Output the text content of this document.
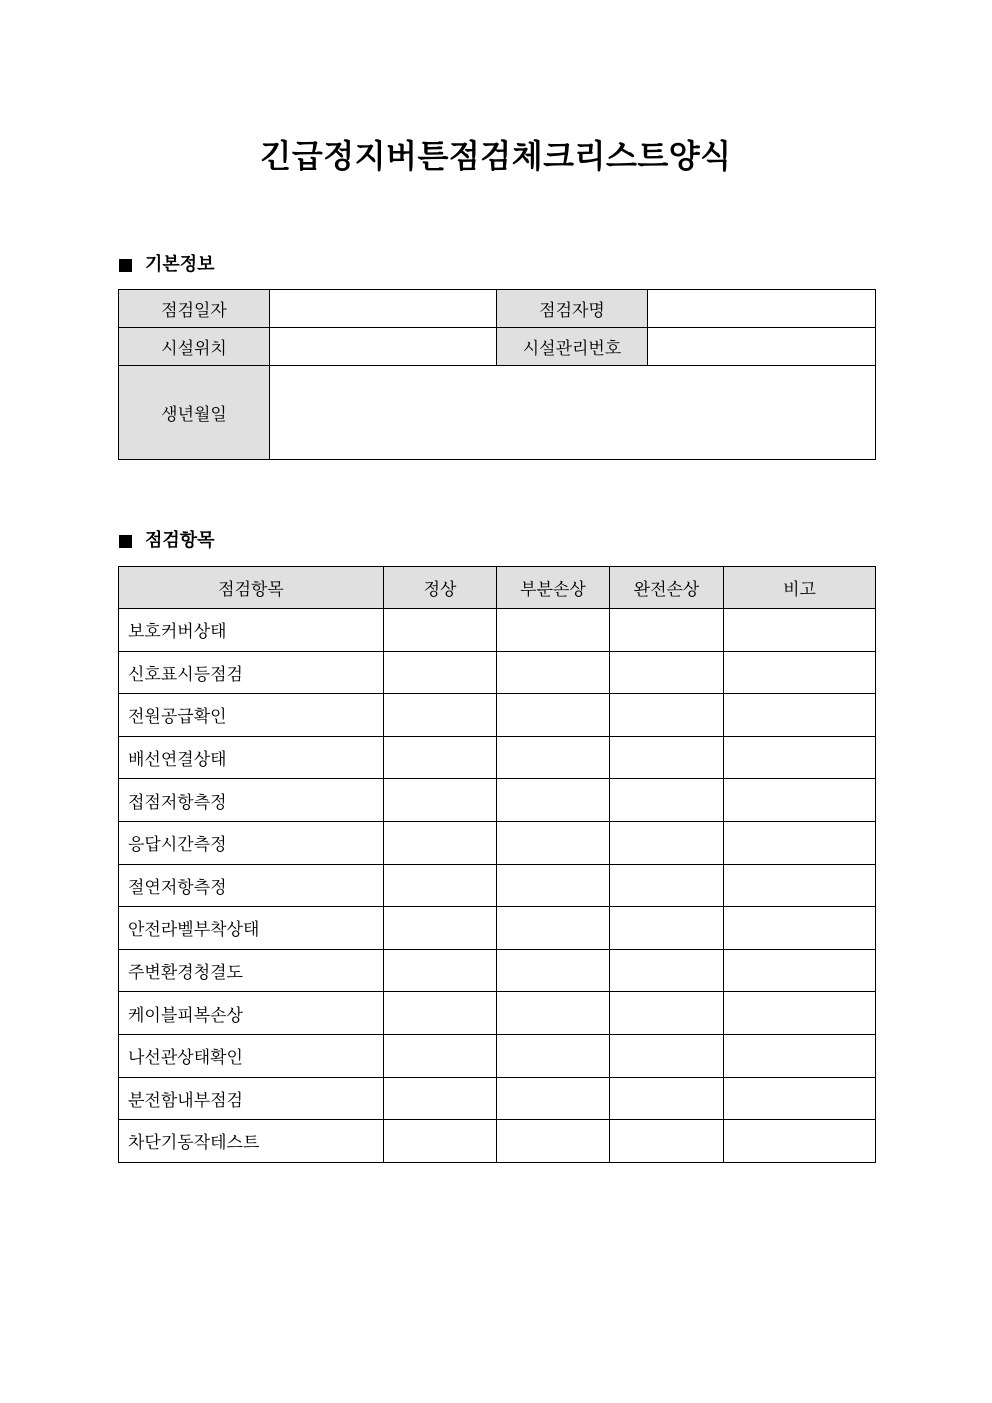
긴급정지버튼점검체크리스트양식
기본정보
점검일자		점검자명	
시설위치		시설관리번호	
생년월일			
점검항목
점검항목	정상	부분손상	완전손상	비고
보호커버상태				
신호표시등점검				
전원공급확인				
배선연결상태				
접점저항측정				
응답시간측정				
절연저항측정				
안전라벨부착상태				
주변환경청결도				
케이블피복손상				
나선관상태확인				
분전함내부점검				
차단기동작테스트				
